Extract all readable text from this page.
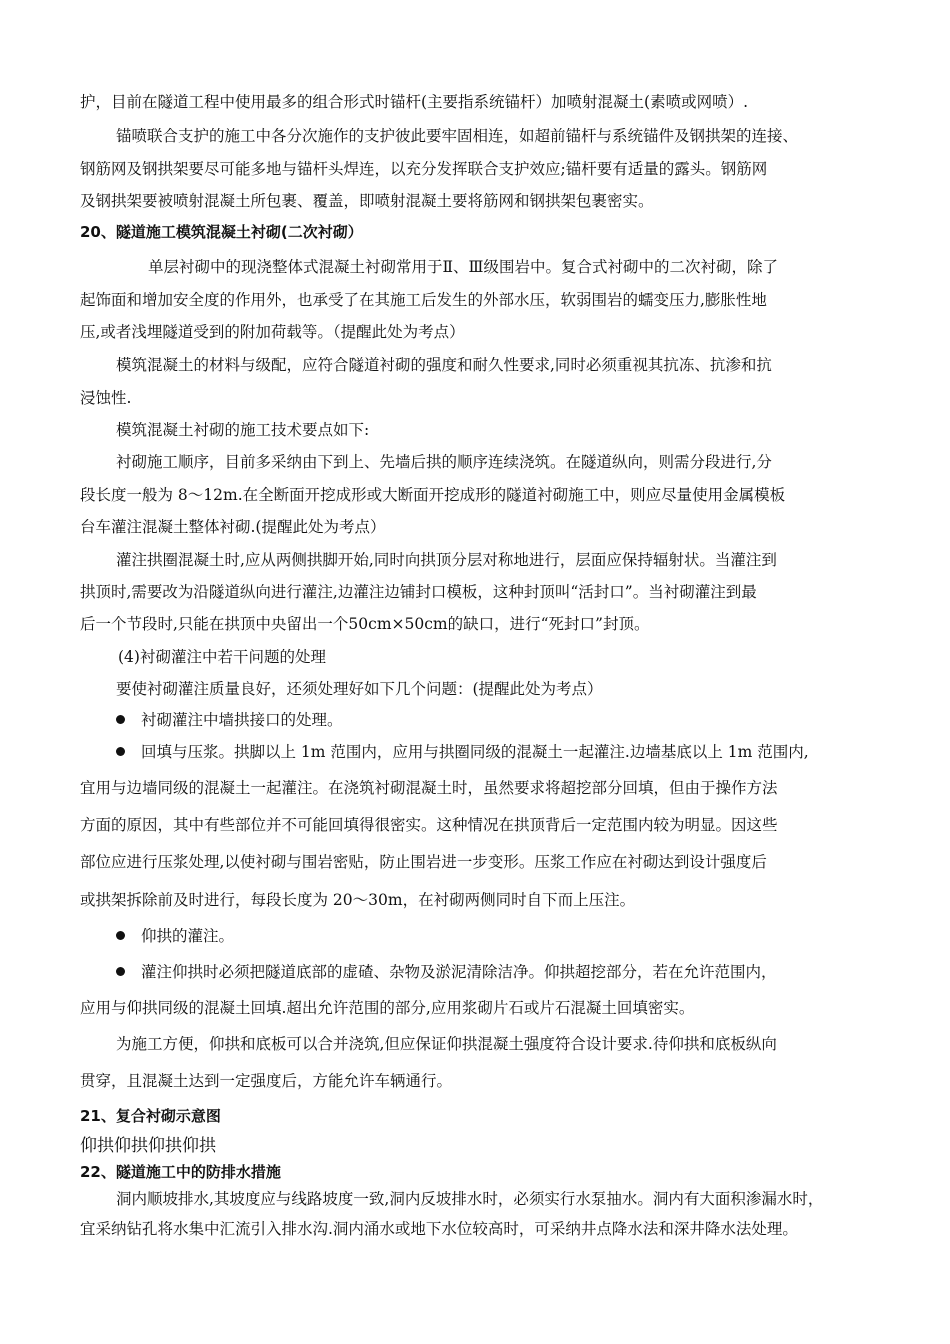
护，目前在隧道工程中使用最多的组合形式时锚杆(主要指系统锚杆）加喷射混凝土(素喷或网喷）.
锚喷联合支护的施工中各分次施作的支护彼此要牢固相连，如超前锚杆与系统锚件及钢拱架的连接、
钢筋网及钢拱架要尽可能多地与锚杆头焊连，以充分发挥联合支护效应;锚杆要有适量的露头。钢筋网
及钢拱架要被喷射混凝土所包裹、覆盖，即喷射混凝土要将筋网和钢拱架包裹密实。
20、隧道施工模筑混凝土衬砌(二次衬砌）
单层衬砌中的现浇整体式混凝土衬砌常用于Ⅱ、Ⅲ级围岩中。复合式衬砌中的二次衬砌，除了
起饰面和增加安全度的作用外，也承受了在其施工后发生的外部水压，软弱围岩的蠕变压力,膨胀性地
压,或者浅埋隧道受到的附加荷载等。（提醒此处为考点）
模筑混凝土的材料与级配，应符合隧道衬砌的强度和耐久性要求,同时必须重视其抗冻、抗渗和抗
浸蚀性.
模筑混凝土衬砌的施工技术要点如下:
衬砌施工顺序，目前多采纳由下到上、先墙后拱的顺序连续浇筑。在隧道纵向，则需分段进行,分
段长度一般为 8～12m.在全断面开挖成形或大断面开挖成形的隧道衬砌施工中，则应尽量使用金属模板
台车灌注混凝土整体衬砌.(提醒此处为考点）
灌注拱圈混凝土时,应从两侧拱脚开始,同时向拱顶分层对称地进行，层面应保持辐射状。当灌注到
拱顶时,需要改为沿隧道纵向进行灌注,边灌注边铺封口模板，这种封顶叫“活封口”。当衬砌灌注到最
后一个节段时,只能在拱顶中央留出一个50cm×50cm的缺口，进行“死封口”封顶。
(4)衬砌灌注中若干问题的处理
要使衬砌灌注质量良好，还须处理好如下几个问题：(提醒此处为考点）
衬砌灌注中墙拱接口的处理。
回填与压浆。拱脚以上 1m 范围内，应用与拱圈同级的混凝土一起灌注.边墙基底以上 1m 范围内,
宜用与边墙同级的混凝土一起灌注。在浇筑衬砌混凝土时，虽然要求将超挖部分回填，但由于操作方法
方面的原因，其中有些部位并不可能回填得很密实。这种情况在拱顶背后一定范围内较为明显。因这些
部位应进行压浆处理,以使衬砌与围岩密贴，防止围岩进一步变形。压浆工作应在衬砌达到设计强度后
或拱架拆除前及时进行，每段长度为 20～30m，在衬砌两侧同时自下而上压注。
仰拱的灌注。
灌注仰拱时必须把隧道底部的虚碴、杂物及淤泥清除洁净。仰拱超挖部分，若在允许范围内，
应用与仰拱同级的混凝土回填.超出允许范围的部分,应用浆砌片石或片石混凝土回填密实。
为施工方便，仰拱和底板可以合并浇筑,但应保证仰拱混凝土强度符合设计要求.待仰拱和底板纵向
贯穿，且混凝土达到一定强度后，方能允许车辆通行。
21、复合衬砌示意图
仰拱仰拱仰拱仰拱
22、隧道施工中的防排水措施
洞内顺坡排水,其坡度应与线路坡度一致,洞内反坡排水时，必须实行水泵抽水。洞内有大面积渗漏水时，
宜采纳钻孔将水集中汇流引入排水沟.洞内涌水或地下水位较高时，可采纳井点降水法和深井降水法处理。
